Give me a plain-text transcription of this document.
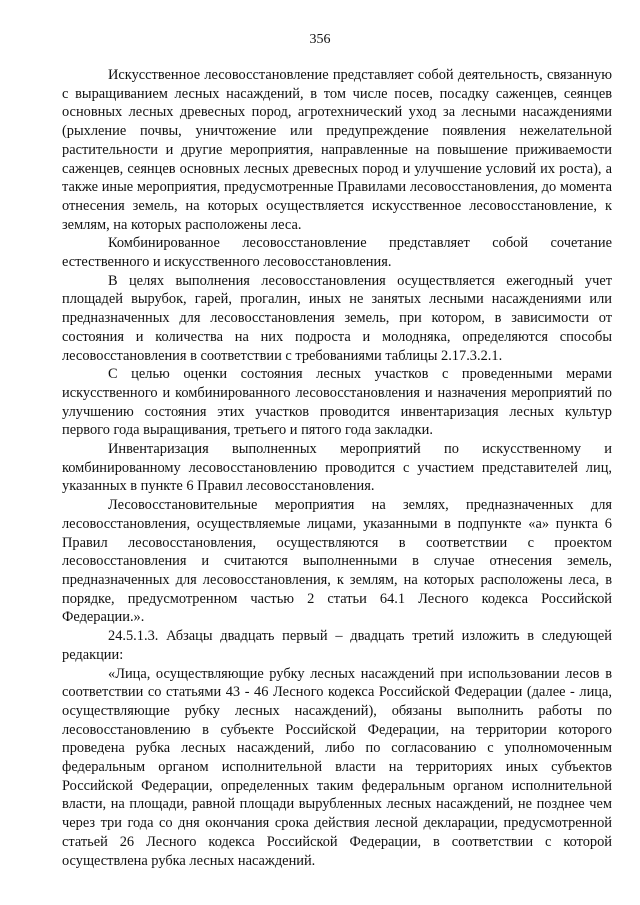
356

Искусственное лесовосстановление представляет собой деятельность, связанную с выращиванием лесных насаждений, в том числе посев, посадку саженцев, сеянцев основных лесных древесных пород, агротехнический уход за лесными насаждениями (рыхление почвы, уничтожение или предупреждение появления нежелательной растительности и другие мероприятия, направленные на повышение приживаемости саженцев, сеянцев основных лесных древесных пород и улучшение условий их роста), а также иные мероприятия, предусмотренные Правилами лесовосстановления, до момента отнесения земель, на которых осуществляется искусственное лесовосстановление, к землям, на которых расположены леса.

Комбинированное лесовосстановление представляет собой сочетание естественного и искусственного лесовосстановления.

В целях выполнения лесовосстановления осуществляется ежегодный учет площадей вырубок, гарей, прогалин, иных не занятых лесными насаждениями или предназначенных для лесовосстановления земель, при котором, в зависимости от состояния и количества на них подроста и молодняка, определяются способы лесовосстановления в соответствии с требованиями таблицы 2.17.3.2.1.

С целью оценки состояния лесных участков с проведенными мерами искусственного и комбинированного лесовосстановления и назначения мероприятий по улучшению состояния этих участков проводится инвентаризация лесных культур первого года выращивания, третьего и пятого года закладки.

Инвентаризация выполненных мероприятий по искусственному и комбинированному лесовосстановлению проводится с участием представителей лиц, указанных в пункте 6 Правил лесовосстановления.

Лесовосстановительные мероприятия на землях, предназначенных для лесовосстановления, осуществляемые лицами, указанными в подпункте «а» пункта 6 Правил лесовосстановления, осуществляются в соответствии с проектом лесовосстановления и считаются выполненными в случае отнесения земель, предназначенных для лесовосстановления, к землям, на которых расположены леса, в порядке, предусмотренном частью 2 статьи 64.1 Лесного кодекса Российской Федерации.».

24.5.1.3. Абзацы двадцать первый – двадцать третий изложить в следующей редакции:

«Лица, осуществляющие рубку лесных насаждений при использовании лесов в соответствии со статьями 43 - 46 Лесного кодекса Российской Федерации (далее - лица, осуществляющие рубку лесных насаждений), обязаны выполнить работы по лесовосстановлению в субъекте Российской Федерации, на территории которого проведена рубка лесных насаждений, либо по согласованию с уполномоченным федеральным органом исполнительной власти на территориях иных субъектов Российской Федерации, определенных таким федеральным органом исполнительной власти, на площади, равной площади вырубленных лесных насаждений, не позднее чем через три года со дня окончания срока действия лесной декларации, предусмотренной статьей 26 Лесного кодекса Российской Федерации, в соответствии с которой осуществлена рубка лесных насаждений.
